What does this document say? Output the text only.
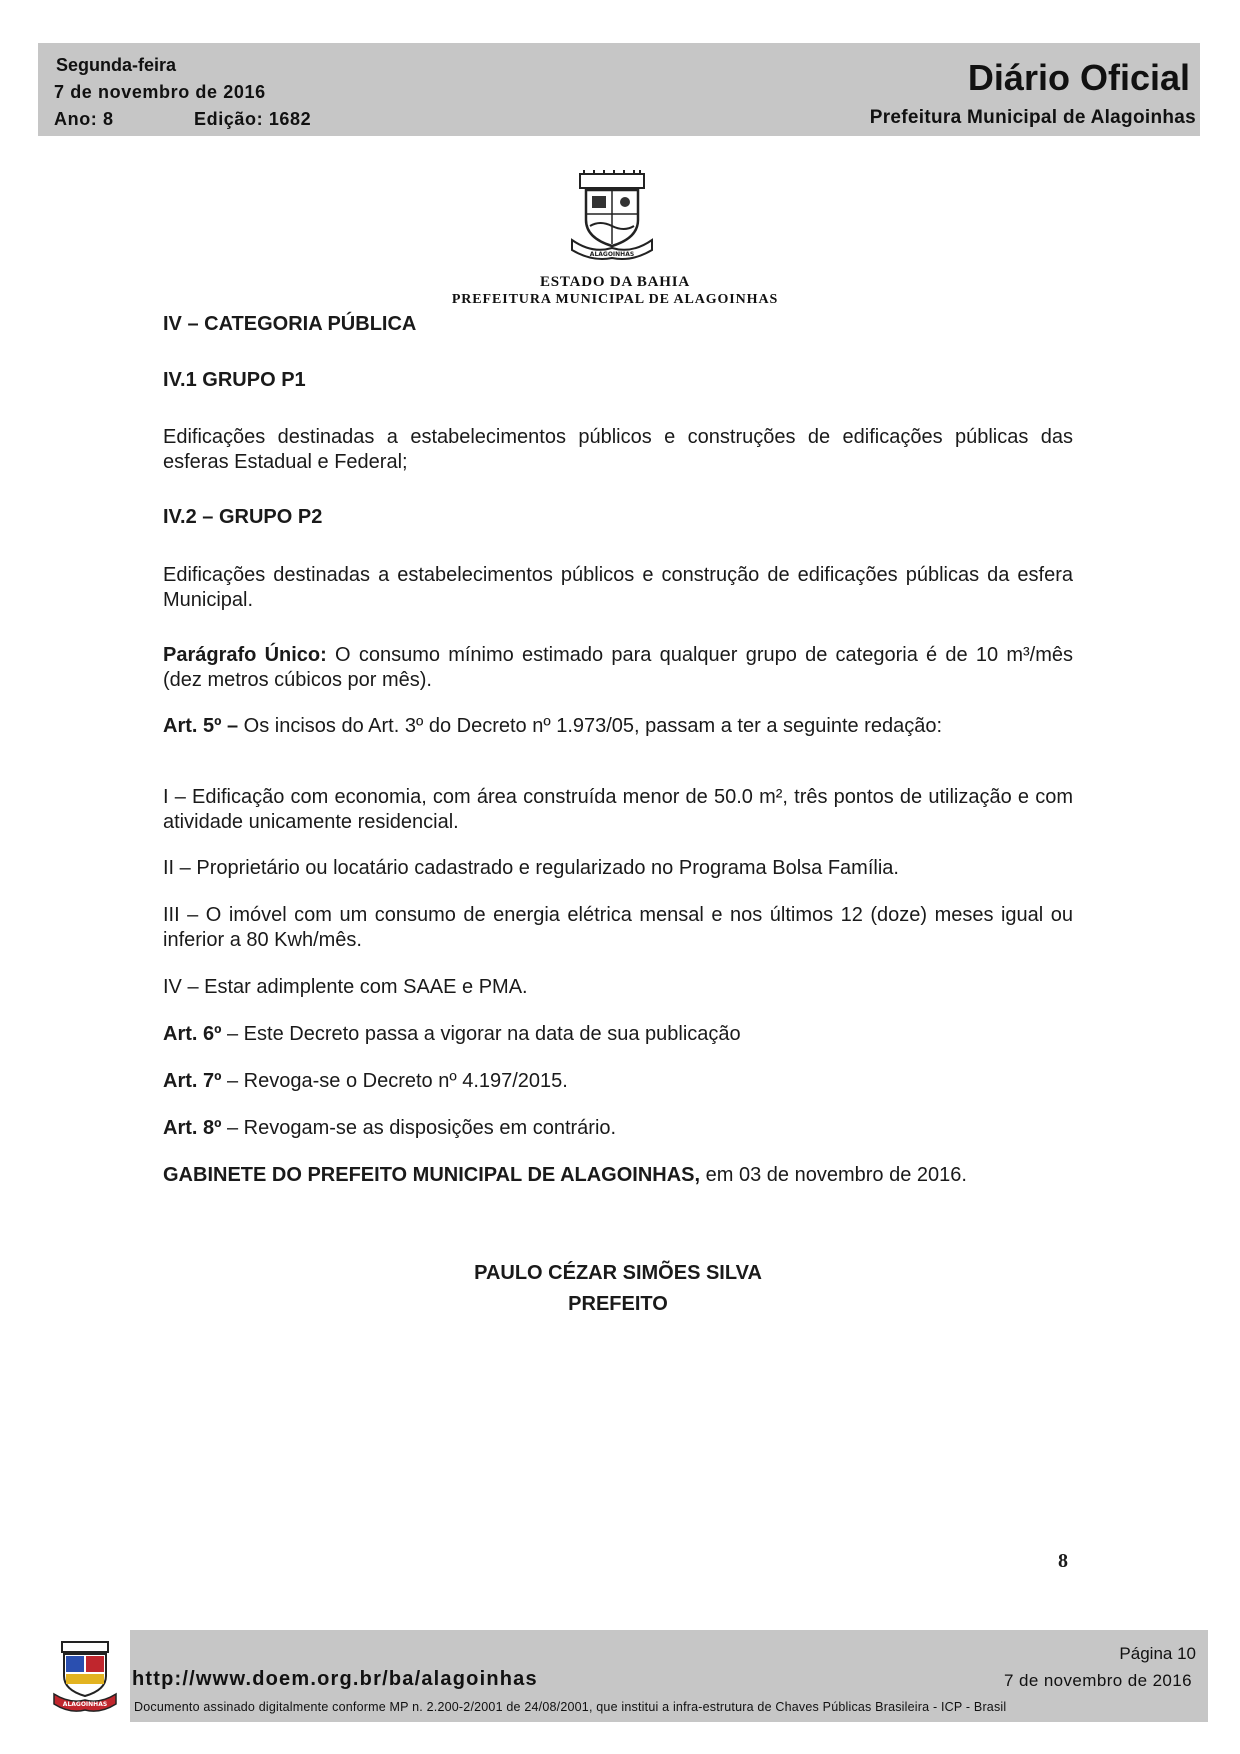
Segunda-feira
7 de novembro de 2016
Ano: 8	Edição: 1682
Diário Oficial
Prefeitura Municipal de Alagoinhas
ALAGOINHAS
ESTADO DA BAHIA
PREFEITURA MUNICIPAL DE ALAGOINHAS
IV – CATEGORIA PÚBLICA
IV.1 GRUPO P1
Edificações destinadas a estabelecimentos públicos e construções de edificações públicas das esferas Estadual e Federal;
IV.2 – GRUPO P2
Edificações destinadas a estabelecimentos públicos e construção de edificações públicas da esfera Municipal.
Parágrafo Único: O consumo mínimo estimado para qualquer grupo de categoria é de 10 m³/mês (dez metros cúbicos por mês).
Art. 5º – Os incisos do Art. 3º do Decreto nº 1.973/05, passam a ter a seguinte redação:
I – Edificação com economia, com área construída menor de 50.0 m², três pontos de utilização e com atividade unicamente residencial.
II – Proprietário ou locatário cadastrado e regularizado no Programa Bolsa Família.
III – O imóvel com um consumo de energia elétrica mensal e nos últimos 12 (doze) meses igual ou inferior a 80 Kwh/mês.
IV – Estar adimplente com SAAE e PMA.
Art. 6º – Este Decreto passa a vigorar na data de sua publicação
Art. 7º – Revoga-se o Decreto nº 4.197/2015.
Art. 8º – Revogam-se as disposições em contrário.
GABINETE DO PREFEITO MUNICIPAL DE ALAGOINHAS, em 03 de novembro de 2016.
PAULO CÉZAR SIMÕES SILVA
PREFEITO
8
ALAGOINHAS
http://www.doem.org.br/ba/alagoinhas
Página 10
7 de novembro de 2016
Documento assinado digitalmente conforme MP n. 2.200-2/2001 de 24/08/2001, que institui a infra-estrutura de Chaves Públicas Brasileira - ICP - Brasil
